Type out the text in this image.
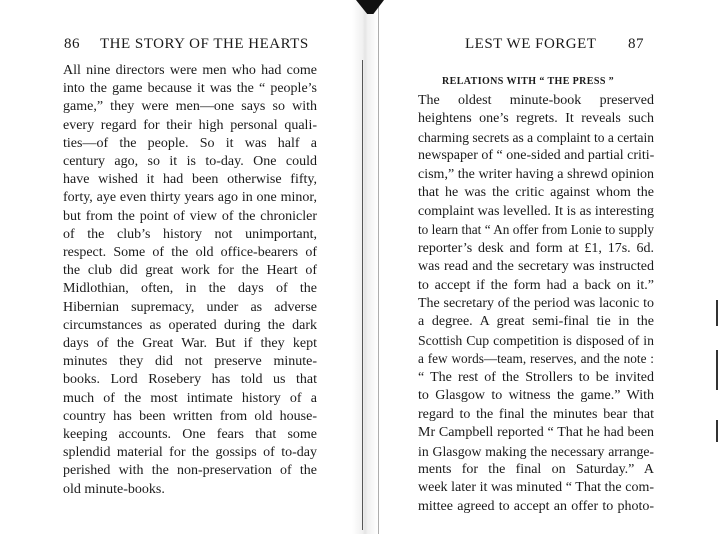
86 THE STORY OF THE HEARTS	LEST WE FORGET 87
RELATIONS WITH “ THE PRESS ”
All nine directors were men who had come
into the game because it was the “ people’s
game,” they were men—one says so with
every regard for their high personal quali-
ties—of the people. So it was half a
century ago, so it is to-day. One could
have wished it had been otherwise fifty,
forty, aye even thirty years ago in one minor,
but from the point of view of the chronicler
of the club’s history not unimportant,
respect. Some of the old office-bearers of
the club did great work for the Heart of
Midlothian, often, in the days of the
Hibernian supremacy, under as adverse
circumstances as operated during the dark
days of the Great War. But if they kept
minutes they did not preserve minute-
books. Lord Rosebery has told us that
much of the most intimate history of a
country has been written from old house-
keeping accounts. One fears that some
splendid material for the gossips of to-day
perished with the non-preservation of the
old minute-books.
The oldest minute-book preserved
heightens one’s regrets. It reveals such
charming secrets as a complaint to a certain
newspaper of “ one-sided and partial criti-
cism,” the writer having a shrewd opinion
that he was the critic against whom the
complaint was levelled. It is as interesting
to learn that “ An offer from Lonie to supply
reporter’s desk and form at £1, 17s. 6d.
was read and the secretary was instructed
to accept if the form had a back on it.”
The secretary of the period was laconic to
a degree. A great semi-final tie in the
Scottish Cup competition is disposed of in
a few words—team, reserves, and the note :
“ The rest of the Strollers to be invited
to Glasgow to witness the game.” With
regard to the final the minutes bear that
Mr Campbell reported “ That he had been
in Glasgow making the necessary arrange-
ments for the final on Saturday.” A
week later it was minuted “ That the com-
mittee agreed to accept an offer to photo-
